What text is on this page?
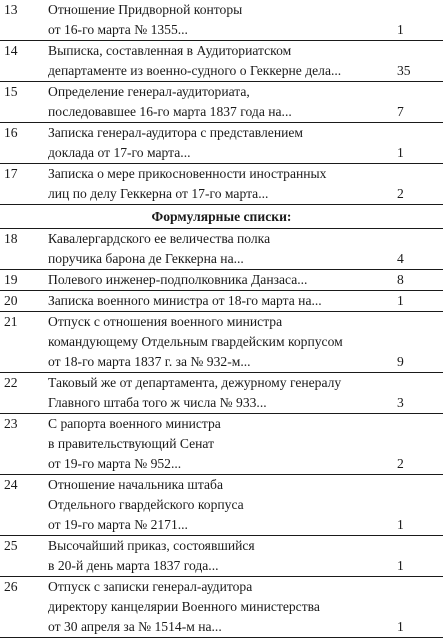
13	Отношение Придворной конторы
от 16-го марта № 1355...	1
14	Выписка, составленная в Аудиториатском
департаменте из военно-судного о Геккерне дела...	35
15	Определение генерал-аудиториата,
последовавшее 16-го марта 1837 года на...	7
16	Записка генерал-аудитора с представлением
доклада от 17-го марта...	1
17	Записка о мере прикосновенности иностранных
лиц по делу Геккерна от 17-го марта...	2
Формулярные списки:		
18	Кавалергардского ее величества полка
поручика барона де Геккерна на...	4
19	Полевого инженер-подполковника Данзаса...	8
20	Записка военного министра от 18-го марта на...	1
21	Отпуск с отношения военного министра
командующему Отдельным гвардейским корпусом
от 18-го марта 1837 г. за № 932-м...	9
22	Таковый же от департамента, дежурному генералу
Главного штаба того ж числа № 933...	3
23	С рапорта военного министра
в правительствующий Сенат
от 19-го марта № 952...	2
24	Отношение начальника штаба
Отдельного гвардейского корпуса
от 19-го марта № 2171...	1
25	Высочайший приказ, состоявшийся
в 20-й день марта 1837 года...	1
26	Отпуск с записки генерал-аудитора
директору канцелярии Военного министерства
от 30 апреля за № 1514-м на...	1
